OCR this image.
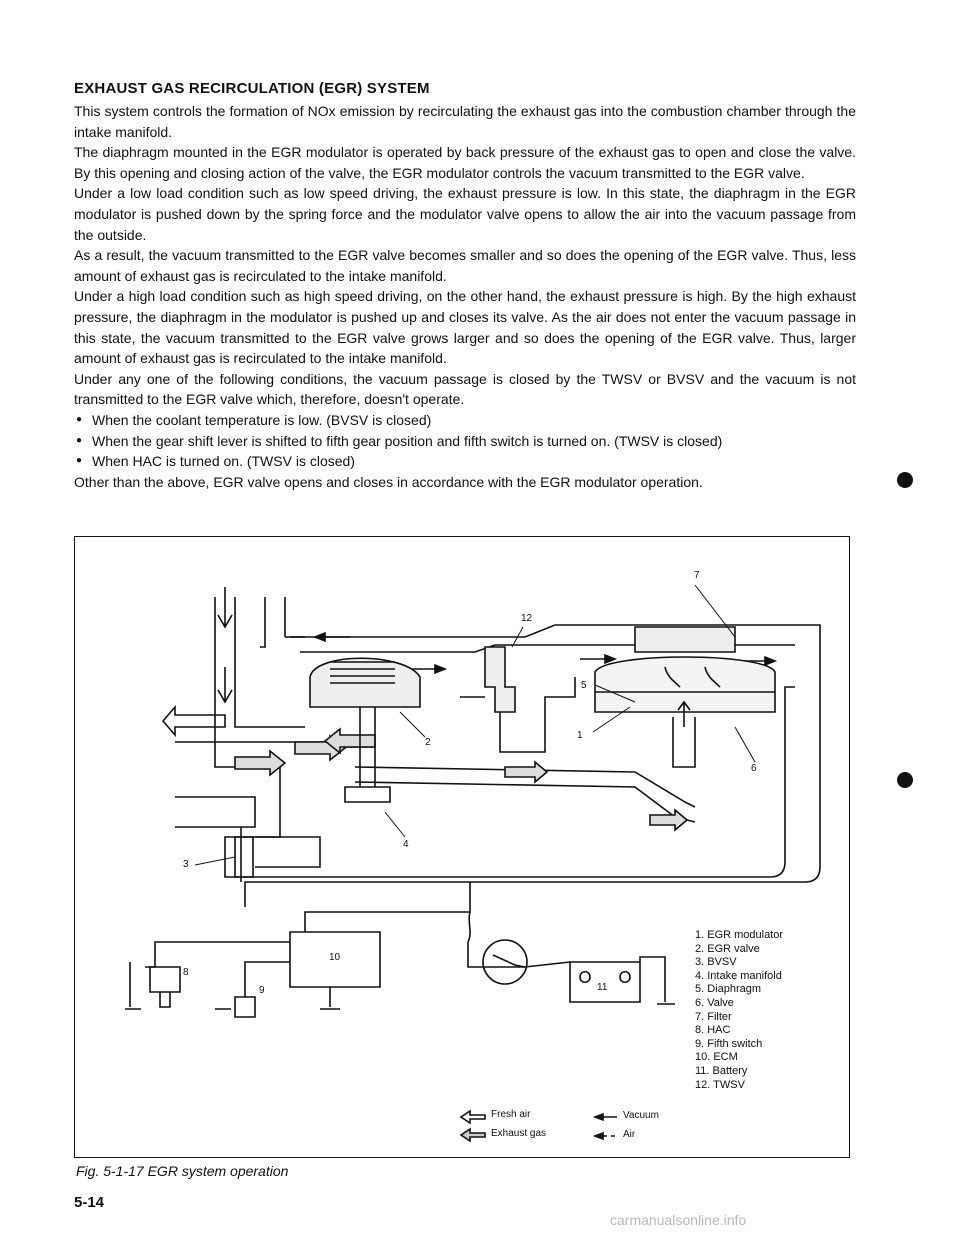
EXHAUST GAS RECIRCULATION (EGR) SYSTEM

This system controls the formation of NOx emission by recirculating the exhaust gas into the combustion chamber through the intake manifold.

The diaphragm mounted in the EGR modulator is operated by back pressure of the exhaust gas to open and close the valve. By this opening and closing action of the valve, the EGR modulator controls the vacuum transmitted to the EGR valve.

Under a low load condition such as low speed driving, the exhaust pressure is low. In this state, the diaphragm in the EGR modulator is pushed down by the spring force and the modulator valve opens to allow the air into the vacuum passage from the outside.

As a result, the vacuum transmitted to the EGR valve becomes smaller and so does the opening of the EGR valve. Thus, less amount of exhaust gas is recirculated to the intake manifold.

Under a high load condition such as high speed driving, on the other hand, the exhaust pressure is high. By the high exhaust pressure, the diaphragm in the modulator is pushed up and closes its valve. As the air does not enter the vacuum passage in this state, the vacuum transmitted to the EGR valve grows larger and so does the opening of the EGR valve. Thus, larger amount of exhaust gas is recirculated to the intake manifold.

Under any one of the following conditions, the vacuum passage is closed by the TWSV or BVSV and the vacuum is not transmitted to the EGR valve which, therefore, doesn't operate.

● When the coolant temperature is low. (BVSV is closed)
● When the gear shift lever is shifted to fifth gear position and fifth switch is turned on. (TWSV is closed)
● When HAC is turned on. (TWSV is closed)

Other than the above, EGR valve opens and closes in accordance with the EGR modulator operation.

7
12
5
1
2
6
4
3
10
8
9	11
1. EGR modulator
2. EGR valve
3. BVSV
4. Intake manifold
5. Diaphragm
6. Valve
7. Filter
8. HAC
9. Fifth switch
10. ECM
11. Battery
12. TWSV
Fresh air
Exhaust gas
Vacuum
Air
Fig. 5-1-17 EGR system operation
5-14
carmanualsonline.info
